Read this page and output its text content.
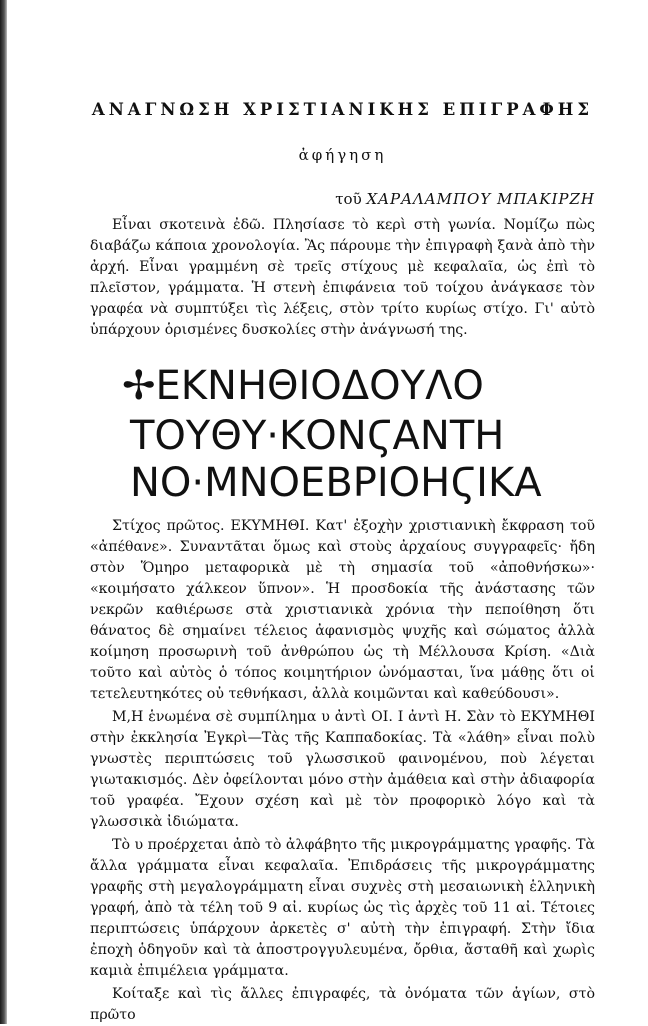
ΑΝΑΓΝΩΣΗ ΧΡΙΣΤΙΑΝΙΚΗΣ ΕΠΙΓΡΑΦΗΣ
ἀφήγηση
τοῦ ΧΑΡΑΛΑΜΠΟΥ ΜΠΑΚΙΡΖΗ

Εἶναι σκοτεινὰ ἐδῶ. Πλησίασε τὸ κερὶ στὴ γωνία. Νομίζω πὼς διαβάζω κάποια χρονολογία. Ἂς πάρουμε τὴν ἐπιγραφὴ ξανὰ ἀπὸ τὴν ἀρχή. Εἶναι γραμμένη σὲ τρεῖς στίχους μὲ κεφαλαῖα, ὡς ἐπὶ τὸ πλεῖστον, γράμματα. Ἡ στενὴ ἐπιφάνεια τοῦ τοίχου ἀνάγκασε τὸν γραφέα νὰ συμπτύξει τὶς λέξεις, στὸν τρίτο κυρίως στίχο. Γι' αὐτὸ ὑπάρχουν ὁρισμένες δυσκολίες στὴν ἀνάγνωσή της.

✢ΕΚΝΗΘΙΟΔΟΥΛΟ
ΤΟΥΘΥ·ΚΟΝϚΑΝΤΗ
ΝΟ·ΜΝΟΕΒΡΙΟΗϚΙΚΑ

Στίχος πρῶτος. ΕΚΥΜΗΘΙ. Κατ' ἐξοχὴν χριστιανικὴ ἔκφραση τοῦ «ἀπέθανε». Συναντᾶται ὅμως καὶ στοὺς ἀρχαίους συγγραφεῖς· ἤδη στὸν Ὅμηρο μεταφορικὰ μὲ τὴ σημασία τοῦ «ἀποθνήσκω»· «κοιμήσατο χάλκεον ὕπνον». Ἡ προσδοκία τῆς ἀνάστασης τῶν νεκρῶν καθιέρωσε στὰ χριστιανικὰ χρόνια τὴν πεποίθηση ὅτι θάνατος δὲ σημαίνει τέλειος ἀφανισμὸς ψυχῆς καὶ σώματος ἀλλὰ κοίμηση προσωρινὴ τοῦ ἀνθρώπου ὡς τὴ Μέλλουσα Κρίση. «Διὰ τοῦτο καὶ αὐτὸς ὁ τόπος κοιμητήριον ὠνόμασται, ἵνα μάθῃς ὅτι οἱ τετελευτηκότες οὐ τεθνήκασι, ἀλλὰ κοιμῶνται καὶ καθεύδουσι».

Μ,Η ἑνωμένα σὲ συμπίλημα υ ἀντὶ ΟΙ. Ι ἀντὶ Η. Σὰν τὸ ΕΚΥΜΗΘΙ στὴν ἐκκλησία Ἐγκρὶ—Τὰς τῆς Καππαδοκίας. Τὰ «λάθη» εἶναι πολὺ γνωστὲς περιπτώσεις τοῦ γλωσσικοῦ φαινομένου, ποὺ λέγεται γιωτακισμός. Δὲν ὀφείλονται μόνο στὴν ἀμάθεια καὶ στὴν ἀδιαφορία τοῦ γραφέα. Ἔχουν σχέση καὶ μὲ τὸν προφορικὸ λόγο καὶ τὰ γλωσσικὰ ἰδιώματα.

Τὸ υ προέρχεται ἀπὸ τὸ ἀλφάβητο τῆς μικρογράμματης γραφῆς. Τὰ ἄλλα γράμματα εἶναι κεφαλαῖα. Ἐπιδράσεις τῆς μικρογράμματης γραφῆς στὴ μεγαλογράμματη εἶναι συχνὲς στὴ μεσαιωνικὴ ἑλληνικὴ γραφή, ἀπὸ τὰ τέλη τοῦ 9 αἰ. κυρίως ὡς τὶς ἀρχὲς τοῦ 11 αἰ. Τέτοιες περιπτώσεις ὑπάρχουν ἀρκετὲς σ' αὐτὴ τὴν ἐπιγραφή. Στὴν ἴδια ἐποχὴ ὁδηγοῦν καὶ τὰ ἀποστρογγυλευμένα, ὄρθια, ἄσταθῆ καὶ χωρὶς καμιὰ ἐπιμέλεια γράμματα.

Κοίταξε καὶ τὶς ἄλλες ἐπιγραφές, τὰ ὀνόματα τῶν ἁγίων, στὸ πρῶτο
